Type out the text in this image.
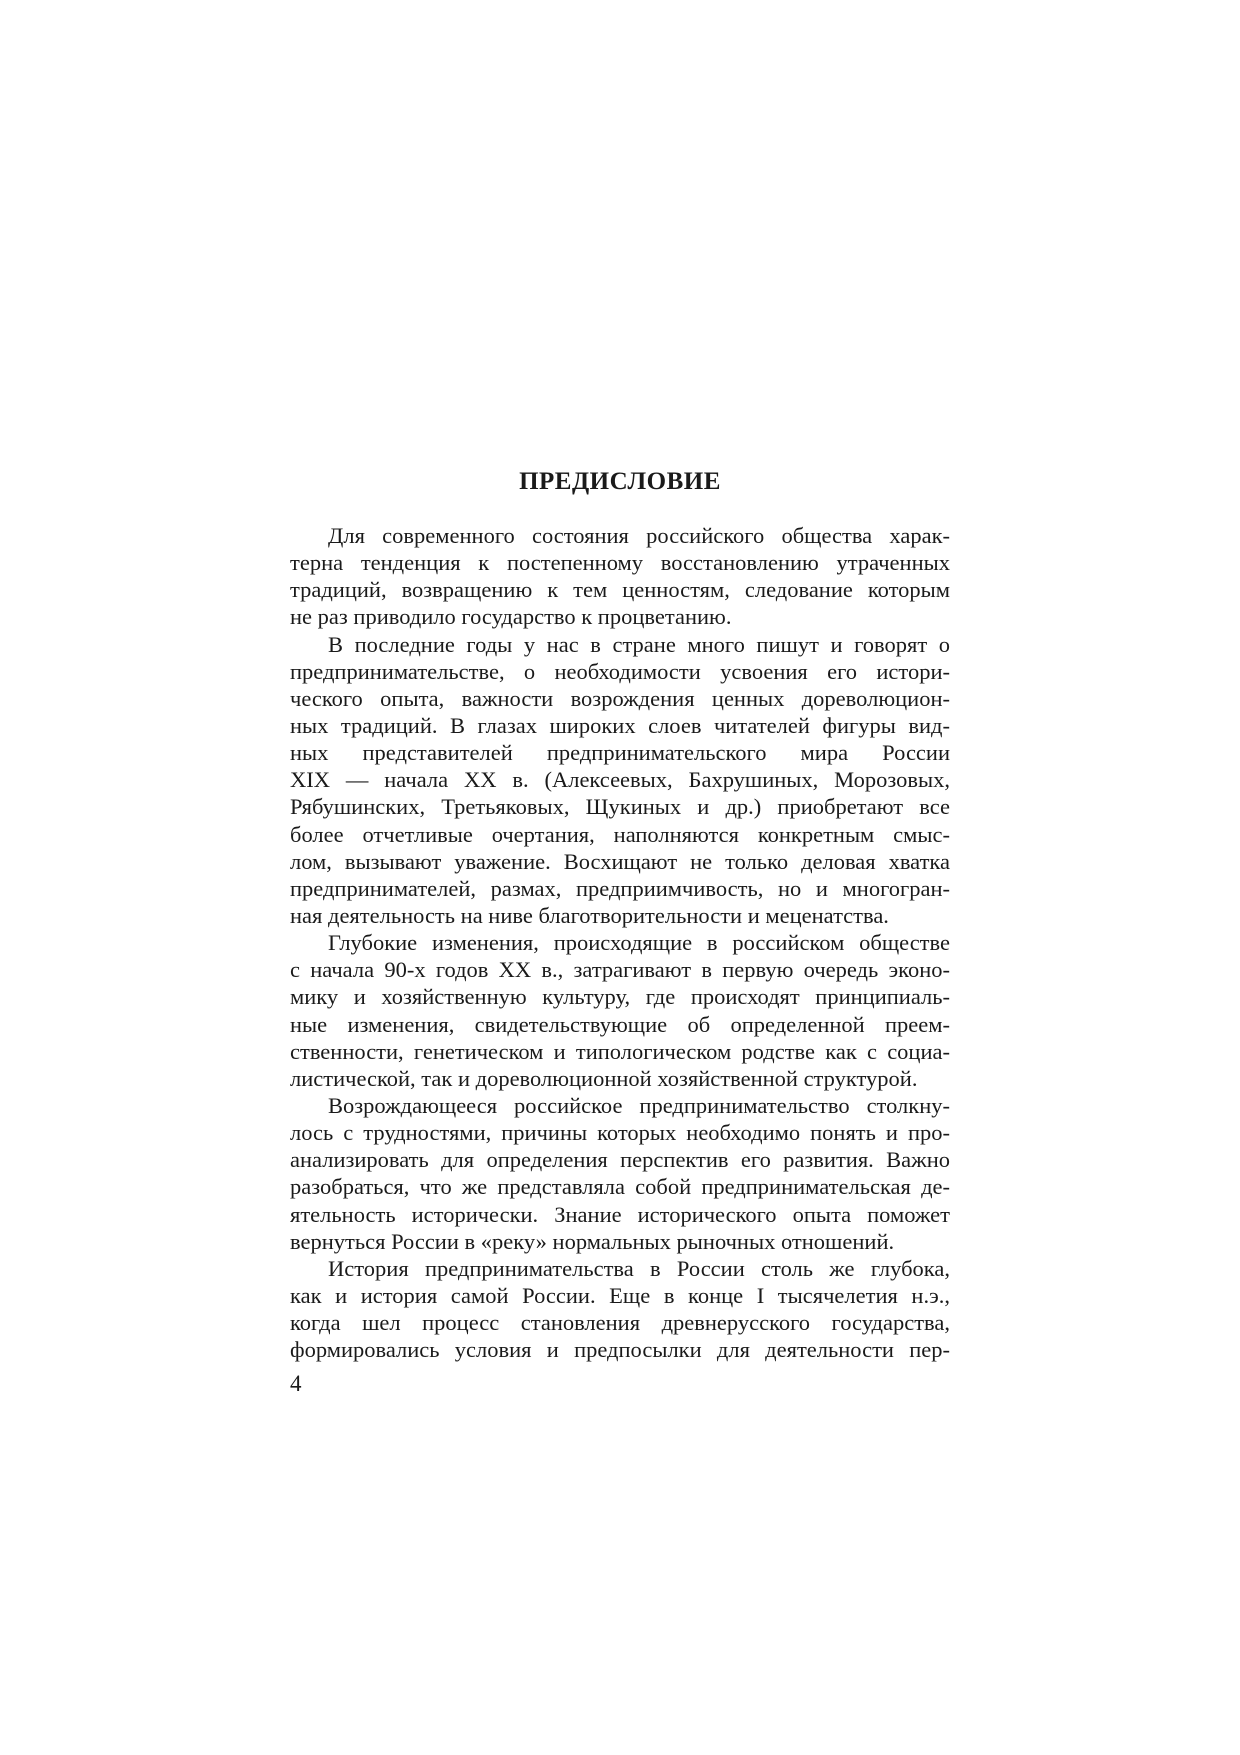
ПРЕДИСЛОВИЕ
Для современного состояния российского общества харак-
терна тенденция к постепенному восстановлению утраченных
традиций, возвращению к тем ценностям, следование которым
не раз приводило государство к процветанию.
В последние годы у нас в стране много пишут и говорят о
предпринимательстве, о необходимости усвоения его истори-
ческого опыта, важности возрождения ценных дореволюцион-
ных традиций. В глазах широких слоев читателей фигуры вид-
ных представителей предпринимательского мира России
XIX — начала XX в. (Алексеевых, Бахрушиных, Морозовых,
Рябушинских, Третьяковых, Щукиных и др.) приобретают все
более отчетливые очертания, наполняются конкретным смыс-
лом, вызывают уважение. Восхищают не только деловая хватка
предпринимателей, размах, предприимчивость, но и многогран-
ная деятельность на ниве благотворительности и меценатства.
Глубокие изменения, происходящие в российском обществе
с начала 90-х годов XX в., затрагивают в первую очередь эконо-
мику и хозяйственную культуру, где происходят принципиаль-
ные изменения, свидетельствующие об определенной преем-
ственности, генетическом и типологическом родстве как с социа-
листической, так и дореволюционной хозяйственной структурой.
Возрождающееся российское предпринимательство столкну-
лось с трудностями, причины которых необходимо понять и про-
анализировать для определения перспектив его развития. Важно
разобраться, что же представляла собой предпринимательская де-
ятельность исторически. Знание исторического опыта поможет
вернуться России в «реку» нормальных рыночных отношений.
История предпринимательства в России столь же глубока,
как и история самой России. Еще в конце I тысячелетия н.э.,
когда шел процесс становления древнерусского государства,
формировались условия и предпосылки для деятельности пер-
4
